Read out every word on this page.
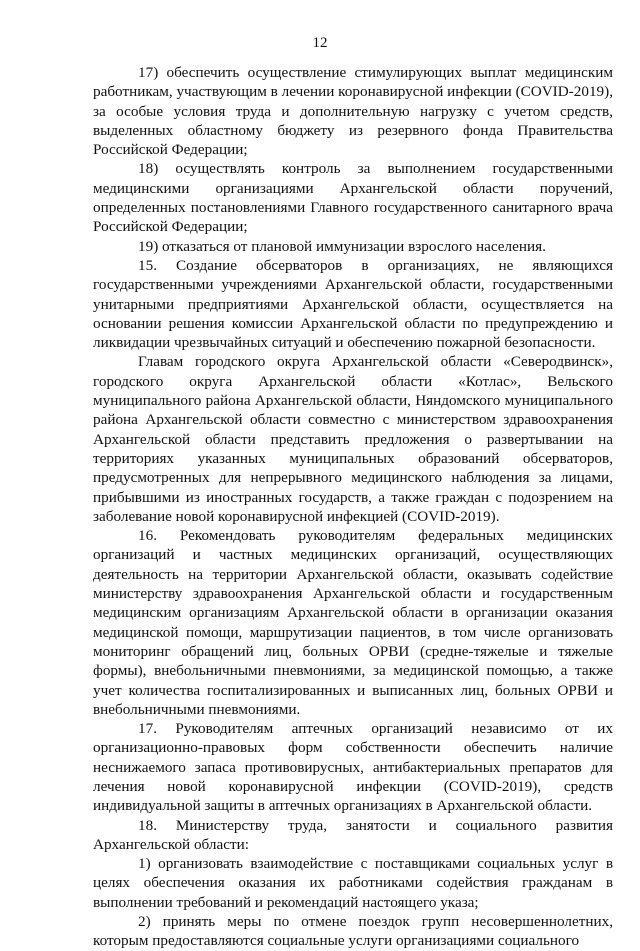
12

17) обеспечить осуществление стимулирующих выплат медицинским работникам, участвующим в лечении коронавирусной инфекции (COVID-2019), за особые условия труда и дополнительную нагрузку с учетом средств, выделенных областному бюджету из резервного фонда Правительства Российской Федерации;

18) осуществлять контроль за выполнением государственными медицинскими организациями Архангельской области поручений, определенных постановлениями Главного государственного санитарного врача Российской Федерации;

19) отказаться от плановой иммунизации взрослого населения.

15. Создание обсерваторов в организациях, не являющихся государственными учреждениями Архангельской области, государственными унитарными предприятиями Архангельской области, осуществляется на основании решения комиссии Архангельской области по предупреждению и ликвидации чрезвычайных ситуаций и обеспечению пожарной безопасности.

Главам городского округа Архангельской области «Северодвинск», городского округа Архангельской области «Котлас», Вельского муниципального района Архангельской области, Няндомского муниципального района Архангельской области совместно с министерством здравоохранения Архангельской области представить предложения о развертывании на территориях указанных муниципальных образований обсерваторов, предусмотренных для непрерывного медицинского наблюдения за лицами, прибывшими из иностранных государств, а также граждан с подозрением на заболевание новой коронавирусной инфекцией (COVID-2019).

16. Рекомендовать руководителям федеральных медицинских организаций и частных медицинских организаций, осуществляющих деятельность на территории Архангельской области, оказывать содействие министерству здравоохранения Архангельской области и государственным медицинским организациям Архангельской области в организации оказания медицинской помощи, маршрутизации пациентов, в том числе организовать мониторинг обращений лиц, больных ОРВИ (средне-тяжелые и тяжелые формы), внебольничными пневмониями, за медицинской помощью, а также учет количества госпитализированных и выписанных лиц, больных ОРВИ и внебольничными пневмониями.

17. Руководителям аптечных организаций независимо от их организационно-правовых форм собственности обеспечить наличие неснижаемого запаса противовирусных, антибактериальных препаратов для лечения новой коронавирусной инфекции (COVID-2019), средств индивидуальной защиты в аптечных организациях в Архангельской области.

18. Министерству труда, занятости и социального развития Архангельской области:

1) организовать взаимодействие с поставщиками социальных услуг в целях обеспечения оказания их работниками содействия гражданам в выполнении требований и рекомендаций настоящего указа;

2) принять меры по отмене поездок групп несовершеннолетних, которым предоставляются социальные услуги организациями социального
